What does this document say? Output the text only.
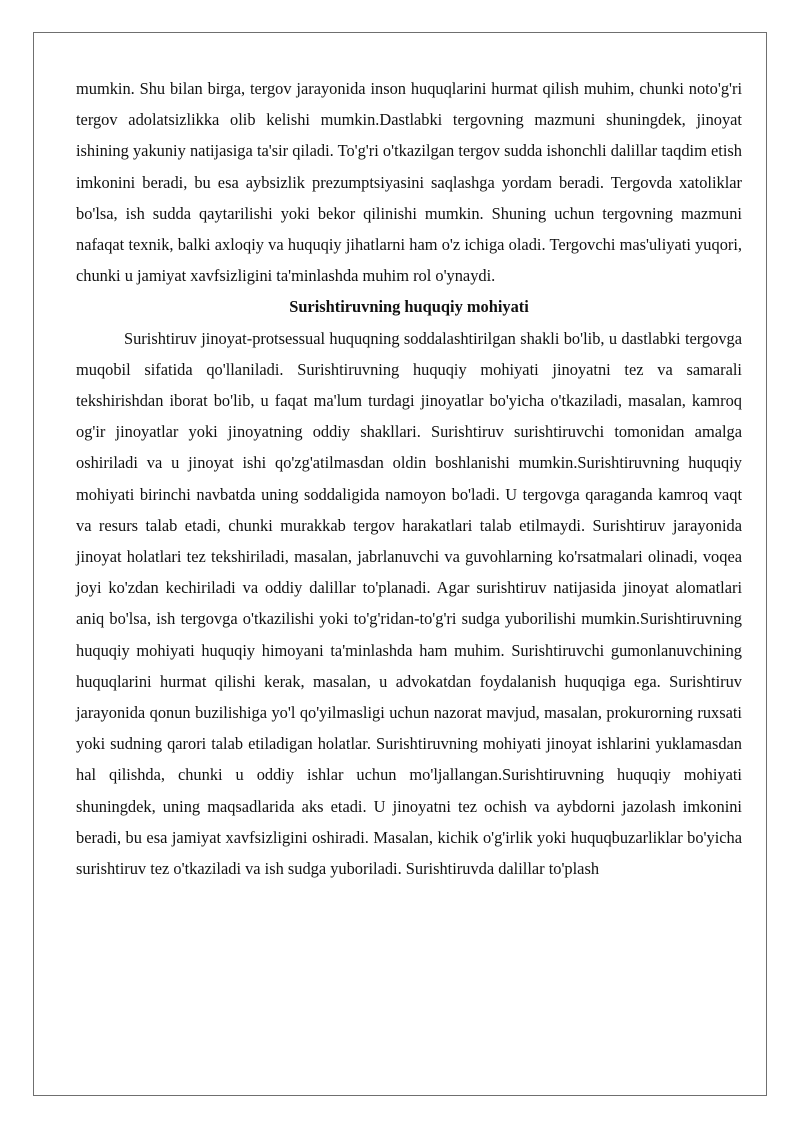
mumkin. Shu bilan birga, tergov jarayonida inson huquqlarini hurmat qilish muhim, chunki noto'g'ri tergov adolatsizlikka olib kelishi mumkin.Dastlabki tergovning mazmuni shuningdek, jinoyat ishining yakuniy natijasiga ta'sir qiladi. To'g'ri o'tkazilgan tergov sudda ishonchli dalillar taqdim etish imkonini beradi, bu esa aybsizlik prezumptsiyasini saqlashga yordam beradi. Tergovda xatoliklar bo'lsa, ish sudda qaytarilishi yoki bekor qilinishi mumkin. Shuning uchun tergovning mazmuni nafaqat texnik, balki axloqiy va huquqiy jihatlarni ham o'z ichiga oladi. Tergovchi mas'uliyati yuqori, chunki u jamiyat xavfsizligini ta'minlashda muhim rol o'ynaydi.

Surishtiruvning huquqiy mohiyati

Surishtiruv jinoyat-protsessual huquqning soddalashtirilgan shakli bo'lib, u dastlabki tergovga muqobil sifatida qo'llaniladi. Surishtiruvning huquqiy mohiyati jinoyatni tez va samarali tekshirishdan iborat bo'lib, u faqat ma'lum turdagi jinoyatlar bo'yicha o'tkaziladi, masalan, kamroq og'ir jinoyatlar yoki jinoyatning oddiy shakllari. Surishtiruv surishtiruvchi tomonidan amalga oshiriladi va u jinoyat ishi qo'zg'atilmasdan oldin boshlanishi mumkin.Surishtiruvning huquqiy mohiyati birinchi navbatda uning soddaligida namoyon bo'ladi. U tergovga qaraganda kamroq vaqt va resurs talab etadi, chunki murakkab tergov harakatlari talab etilmaydi. Surishtiruv jarayonida jinoyat holatlari tez tekshiriladi, masalan, jabrlanuvchi va guvohlarning ko'rsatmalari olinadi, voqea joyi ko'zdan kechiriladi va oddiy dalillar to'planadi. Agar surishtiruv natijasida jinoyat alomatlari aniq bo'lsa, ish tergovga o'tkazilishi yoki to'g'ridan-to'g'ri sudga yuborilishi mumkin.Surishtiruvning huquqiy mohiyati huquqiy himoyani ta'minlashda ham muhim. Surishtiruvchi gumonlanuvchining huquqlarini hurmat qilishi kerak, masalan, u advokatdan foydalanish huquqiga ega. Surishtiruv jarayonida qonun buzilishiga yo'l qo'yilmasligi uchun nazorat mavjud, masalan, prokurorning ruxsati yoki sudning qarori talab etiladigan holatlar. Surishtiruvning mohiyati jinoyat ishlarini yuklamasdan hal qilishda, chunki u oddiy ishlar uchun mo'ljallangan.Surishtiruvning huquqiy mohiyati shuningdek, uning maqsadlarida aks etadi. U jinoyatni tez ochish va aybdorni jazolash imkonini beradi, bu esa jamiyat xavfsizligini oshiradi. Masalan, kichik o'g'irlik yoki huquqbuzarliklar bo'yicha surishtiruv tez o'tkaziladi va ish sudga yuboriladi. Surishtiruvda dalillar to'plash
